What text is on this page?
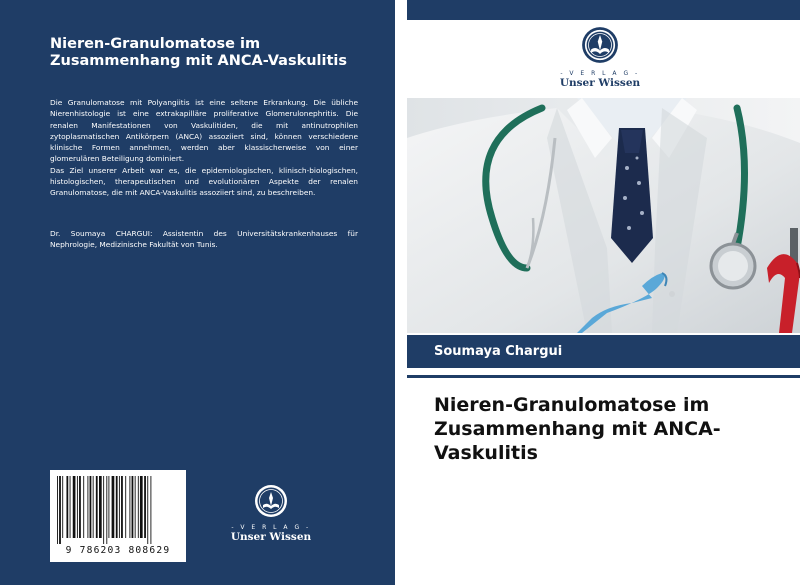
Nieren-Granulomatose im Zusammenhang mit ANCA-Vaskulitis

Die Granulomatose mit Polyangiitis ist eine seltene Erkrankung. Die übliche Nierenhistologie ist eine extrakapilläre proliferative Glomerulonephritis. Die renalen Manifestationen von Vaskulitiden, die mit antinutrophilen zytoplasmatischen Antikörpern (ANCA) assoziiert sind, können verschiedene klinische Formen annehmen, werden aber klassischerweise von einer glomerulären Beteiligung dominiert.

Das Ziel unserer Arbeit war es, die epidemiologischen, klinisch-biologischen, histologischen, therapeutischen und evolutionären Aspekte der renalen Granulomatose, die mit ANCA-Vaskulitis assoziiert sind, zu beschreiben.

Dr. Soumaya CHARGUI: Assistentin des Universitätskrankenhauses für Nephrologie, Medizinische Fakultät von Tunis.
9 786203 808629
- V E R L A G -
Unser Wissen
- V E R L A G -
Unser Wissen
Soumaya Chargui
Nieren-Granulomatose im Zusammenhang mit ANCA-Vaskulitis
